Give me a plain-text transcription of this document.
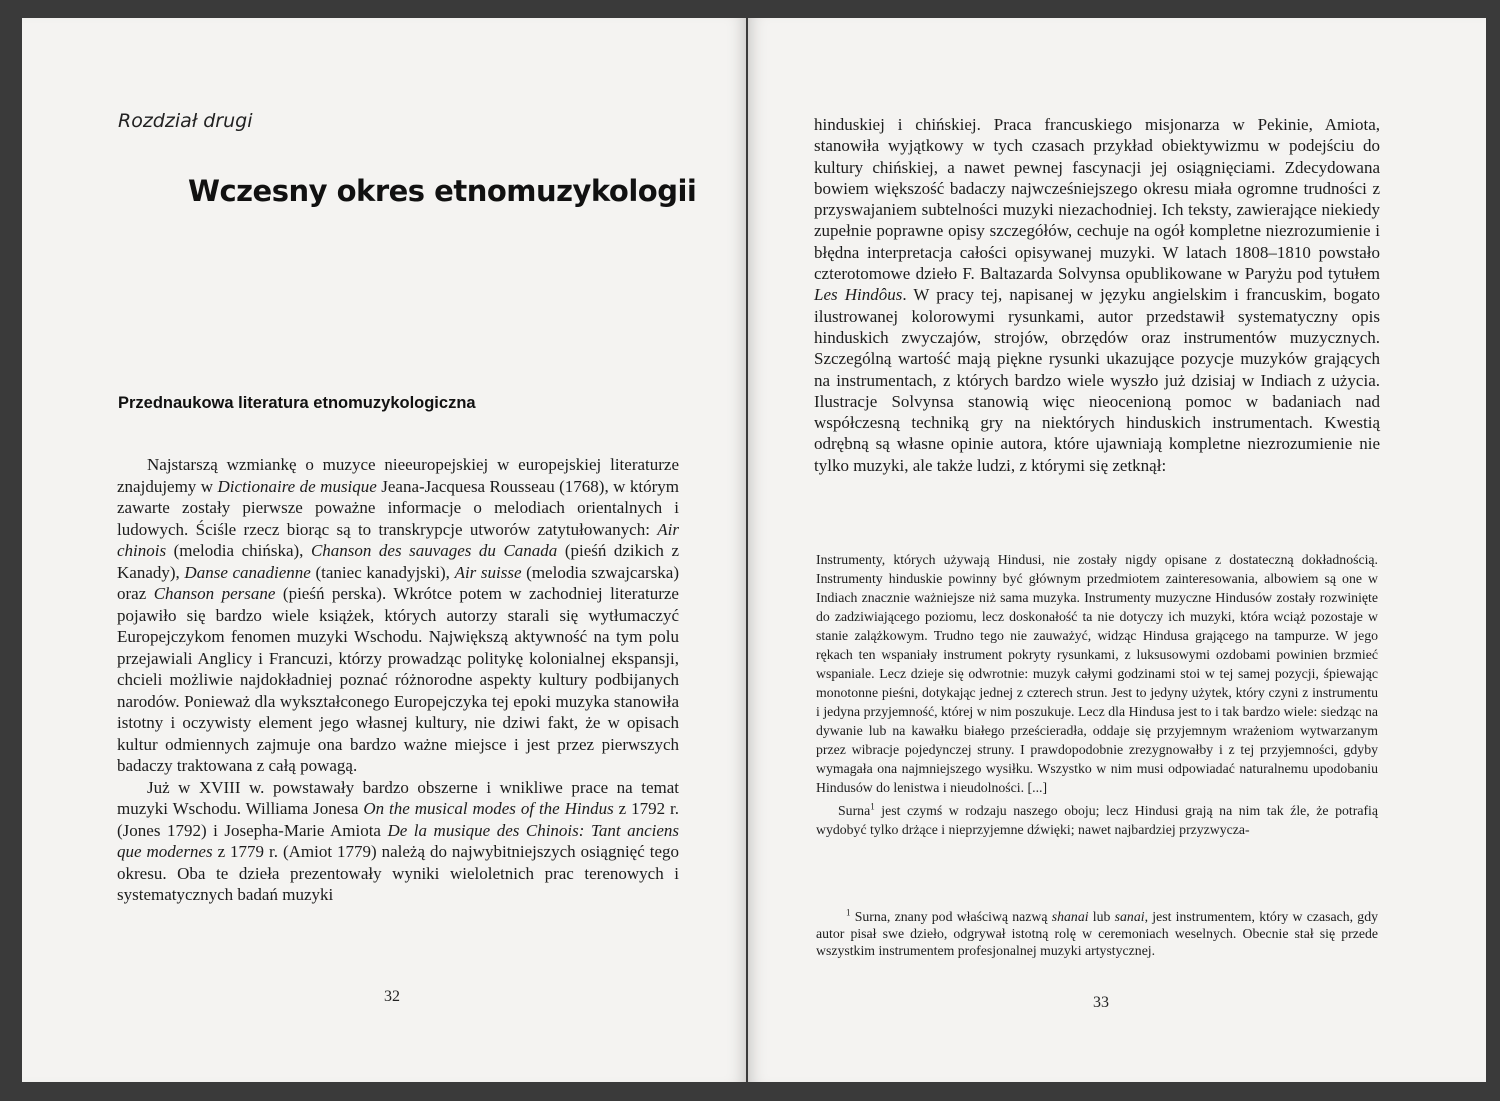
Rozdział drugi
Wczesny okres etnomuzykologii
Przednaukowa literatura etnomuzykologiczna

Najstarszą wzmiankę o muzyce nieeuropejskiej w europejskiej literaturze znajdujemy w Dictionaire de musique Jeana-Jacquesa Rousseau (1768), w którym zawarte zostały pierwsze poważne informacje o melodiach orientalnych i ludowych. Ściśle rzecz biorąc są to transkrypcje utworów zatytułowanych: Air chinois (melodia chińska), Chanson des sauvages du Canada (pieśń dzikich z Kanady), Danse canadienne (taniec kanadyjski), Air suisse (melodia szwajcarska) oraz Chanson persane (pieśń perska). Wkrótce potem w zachodniej literaturze pojawiło się bardzo wiele książek, których autorzy starali się wytłumaczyć Europejczykom fenomen muzyki Wschodu. Największą aktywność na tym polu przejawiali Anglicy i Francuzi, którzy prowadząc politykę kolonialnej ekspansji, chcieli możliwie najdokładniej poznać różnorodne aspekty kultury podbijanych narodów. Ponieważ dla wykształconego Europejczyka tej epoki muzyka stanowiła istotny i oczywisty element jego własnej kultury, nie dziwi fakt, że w opisach kultur odmiennych zajmuje ona bardzo ważne miejsce i jest przez pierwszych badaczy traktowana z całą powagą.

Już w XVIII w. powstawały bardzo obszerne i wnikliwe prace na temat muzyki Wschodu. Williama Jonesa On the musical modes of the Hindus z 1792 r. (Jones 1792) i Josepha-Marie Amiota De la musique des Chinois: Tant anciens que modernes z 1779 r. (Amiot 1779) należą do najwybitniejszych osiągnięć tego okresu. Oba te dzieła prezentowały wyniki wieloletnich prac terenowych i systematycznych badań muzyki

32

hinduskiej i chińskiej. Praca francuskiego misjonarza w Pekinie, Amiota, stanowiła wyjątkowy w tych czasach przykład obiektywizmu w podejściu do kultury chińskiej, a nawet pewnej fascynacji jej osiągnięciami. Zdecydowana bowiem większość badaczy najwcześniejszego okresu miała ogromne trudności z przyswajaniem subtelności muzyki niezachodniej. Ich teksty, zawierające niekiedy zupełnie poprawne opisy szczegółów, cechuje na ogół kompletne niezrozumienie i błędna interpretacja całości opisywanej muzyki. W latach 1808–1810 powstało czterotomowe dzieło F. Baltazarda Solvynsa opublikowane w Paryżu pod tytułem Les Hindôus. W pracy tej, napisanej w języku angielskim i francuskim, bogato ilustrowanej kolorowymi rysunkami, autor przedstawił systematyczny opis hinduskich zwyczajów, strojów, obrzędów oraz instrumentów muzycznych. Szczególną wartość mają piękne rysunki ukazujące pozycje muzyków grających na instrumentach, z których bardzo wiele wyszło już dzisiaj w Indiach z użycia. Ilustracje Solvynsa stanowią więc nieocenioną pomoc w badaniach nad współczesną techniką gry na niektórych hinduskich instrumentach. Kwestią odrębną są własne opinie autora, które ujawniają kompletne niezrozumienie nie tylko muzyki, ale także ludzi, z którymi się zetknął:

Instrumenty, których używają Hindusi, nie zostały nigdy opisane z dostateczną dokładnością. Instrumenty hinduskie powinny być głównym przedmiotem zainteresowania, albowiem są one w Indiach znacznie ważniejsze niż sama muzyka. Instrumenty muzyczne Hindusów zostały rozwinięte do zadziwiającego poziomu, lecz doskonałość ta nie dotyczy ich muzyki, która wciąż pozostaje w stanie zalążkowym. Trudno tego nie zauważyć, widząc Hindusa grającego na tampurze. W jego rękach ten wspaniały instrument pokryty rysunkami, z luksusowymi ozdobami powinien brzmieć wspaniale. Lecz dzieje się odwrotnie: muzyk całymi godzinami stoi w tej samej pozycji, śpiewając monotonne pieśni, dotykając jednej z czterech strun. Jest to jedyny użytek, który czyni z instrumentu i jedyna przyjemność, której w nim poszukuje. Lecz dla Hindusa jest to i tak bardzo wiele: siedząc na dywanie lub na kawałku białego prześcieradła, oddaje się przyjemnym wrażeniom wytwarzanym przez wibracje pojedynczej struny. I prawdopodobnie zrezygnowałby i z tej przyjemności, gdyby wymagała ona najmniejszego wysiłku. Wszystko w nim musi odpowiadać naturalnemu upodobaniu Hindusów do lenistwa i nieudolności. [...]

Surna$^1$ jest czymś w rodzaju naszego oboju; lecz Hindusi grają na nim tak źle, że potrafią wydobyć tylko drżące i nieprzyjemne dźwięki; nawet najbardziej przyzwycza-

$^1$ Surna, znany pod właściwą nazwą shanai lub sanai, jest instrumentem, który w czasach, gdy autor pisał swe dzieło, odgrywał istotną rolę w ceremoniach weselnych. Obecnie stał się przede wszystkim instrumentem profesjonalnej muzyki artystycznej.

33
